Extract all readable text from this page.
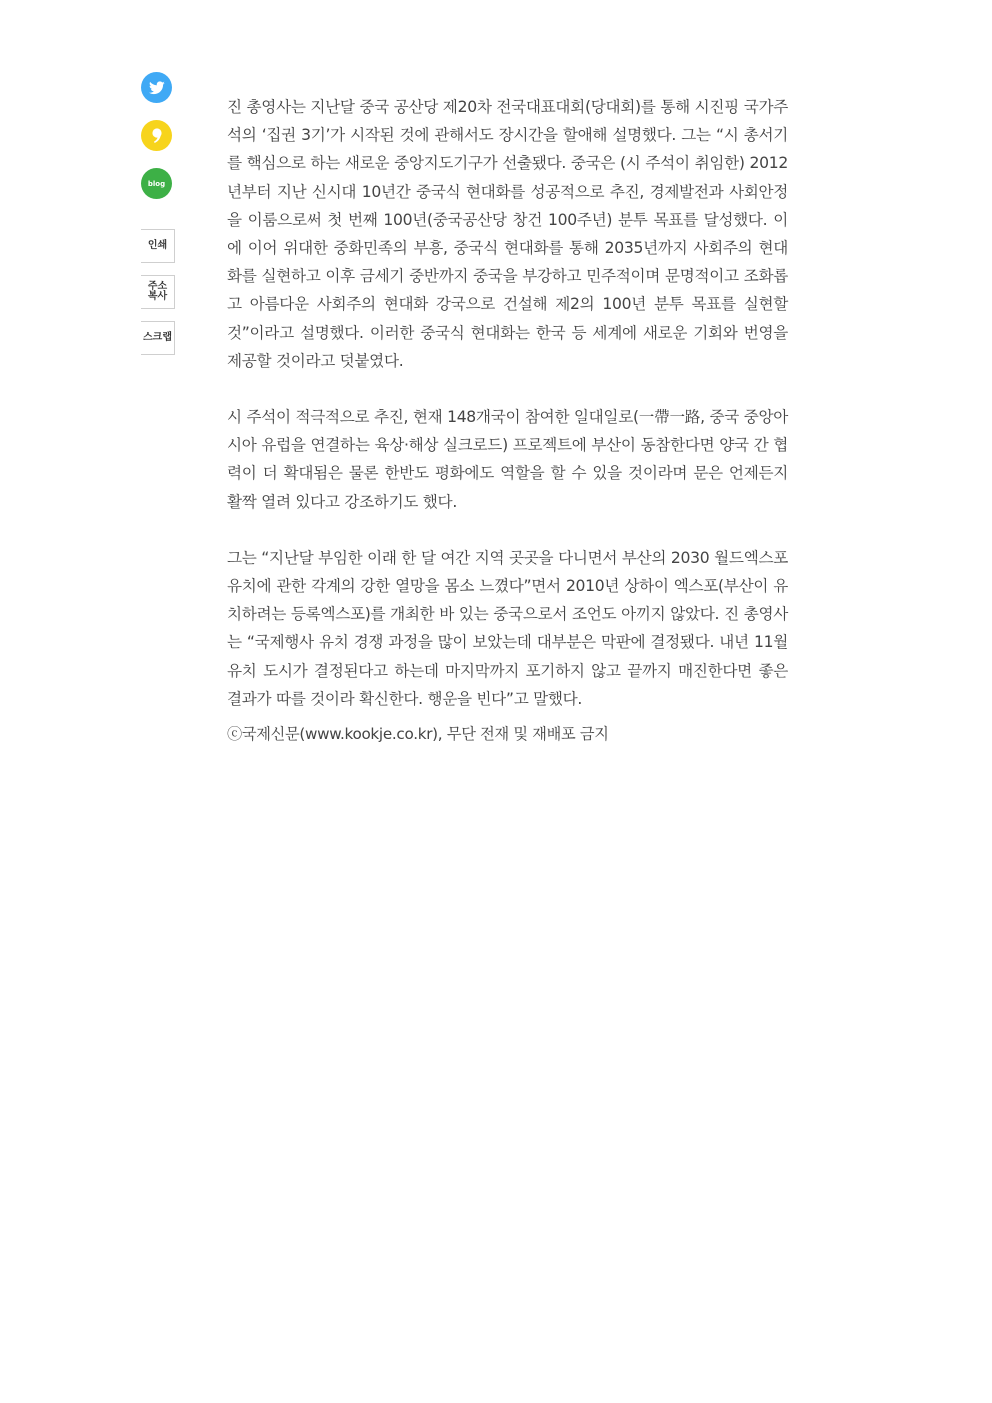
blog
인쇄
주소복사
스크랩

진 총영사는 지난달 중국 공산당 제20차 전국대표대회(당대회)를 통해 시진핑 국가주석의 ‘집권 3기’가 시작된 것에 관해서도 장시간을 할애해 설명했다. 그는 “시 총서기를 핵심으로 하는 새로운 중앙지도기구가 선출됐다. 중국은 (시 주석이 취임한) 2012년부터 지난 신시대 10년간 중국식 현대화를 성공적으로 추진, 경제발전과 사회안정을 이룸으로써 첫 번째 100년(중국공산당 창건 100주년) 분투 목표를 달성했다. 이에 이어 위대한 중화민족의 부흥, 중국식 현대화를 통해 2035년까지 사회주의 현대화를 실현하고 이후 금세기 중반까지 중국을 부강하고 민주적이며 문명적이고 조화롭고 아름다운 사회주의 현대화 강국으로 건설해 제2의 100년 분투 목표를 실현할 것”이라고 설명했다. 이러한 중국식 현대화는 한국 등 세계에 새로운 기회와 번영을 제공할 것이라고 덧붙였다.

시 주석이 적극적으로 추진, 현재 148개국이 참여한 일대일로(一帶一路, 중국 중앙아시아 유럽을 연결하는 육상·해상 실크로드) 프로젝트에 부산이 동참한다면 양국 간 협력이 더 확대됨은 물론 한반도 평화에도 역할을 할 수 있을 것이라며 문은 언제든지 활짝 열려 있다고 강조하기도 했다.

그는 “지난달 부임한 이래 한 달 여간 지역 곳곳을 다니면서 부산의 2030 월드엑스포 유치에 관한 각계의 강한 열망을 몸소 느꼈다”면서 2010년 상하이 엑스포(부산이 유치하려는 등록엑스포)를 개최한 바 있는 중국으로서 조언도 아끼지 않았다. 진 총영사는 “국제행사 유치 경쟁 과정을 많이 보았는데 대부분은 막판에 결정됐다. 내년 11월 유치 도시가 결정된다고 하는데 마지막까지 포기하지 않고 끝까지 매진한다면 좋은 결과가 따를 것이라 확신한다. 행운을 빈다”고 말했다.

ⓒ국제신문(www.kookje.co.kr), 무단 전재 및 재배포 금지
